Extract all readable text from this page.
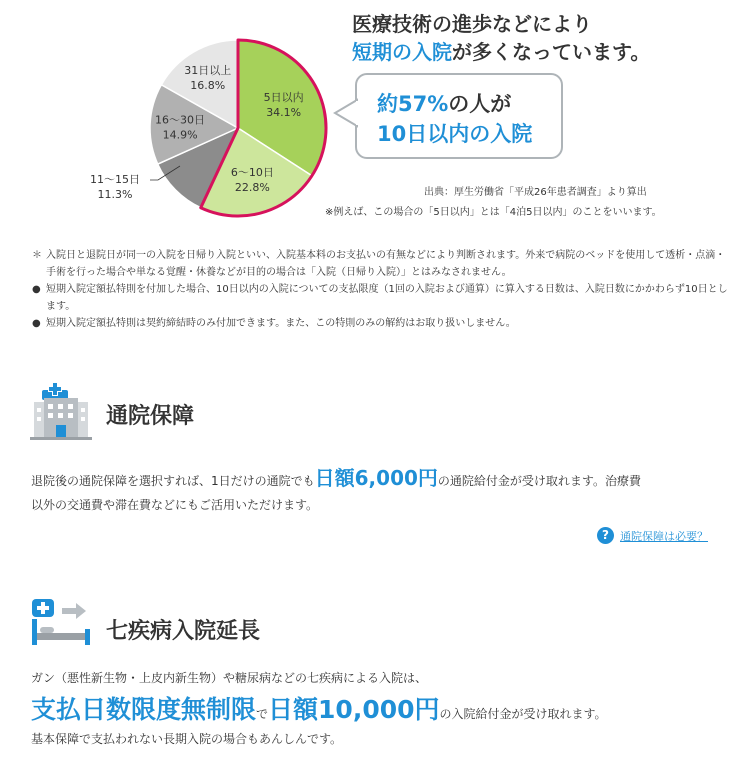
5日以内
34.1%
6〜10日
22.8%
16〜30日
14.9%
31日以上
16.8%
11〜15日
11.3%
医療技術の進歩などにより
短期の入院が多くなっています。
約57%の人が
10日以内の入院
出典：厚生労働省「平成26年患者調査」より算出
※例えば、この場合の「5日以内」とは「4泊5日以内」のことをいいます。
＊ 入院日と退院日が同一の入院を日帰り入院といい、入院基本料のお支払いの有無などにより判断されます。外来で病院のベッドを使用して透析・点滴・手術を行った場合や単なる覚醒・休養などが目的の場合は「入院（日帰り入院）」とはみなされません。
● 短期入院定額払特則を付加した場合、10日以内の入院についての支払限度（1回の入院および通算）に算入する日数は、入院日数にかかわらず10日とします。
● 短期入院定額払特則は契約締結時のみ付加できます。また、この特則のみの解約はお取り扱いしません。
通院保障
退院後の通院保障を選択すれば、1日だけの通院でも日額6,000円の通院給付金が受け取れます。治療費
以外の交通費や滞在費などにもご活用いただけます。
?	通院保障は必要？
七疾病入院延長
ガン（悪性新生物・上皮内新生物）や糖尿病などの七疾病による入院は、
支払日数限度無制限で日額10,000円の入院給付金が受け取れます。
基本保障で支払われない長期入院の場合もあんしんです。
